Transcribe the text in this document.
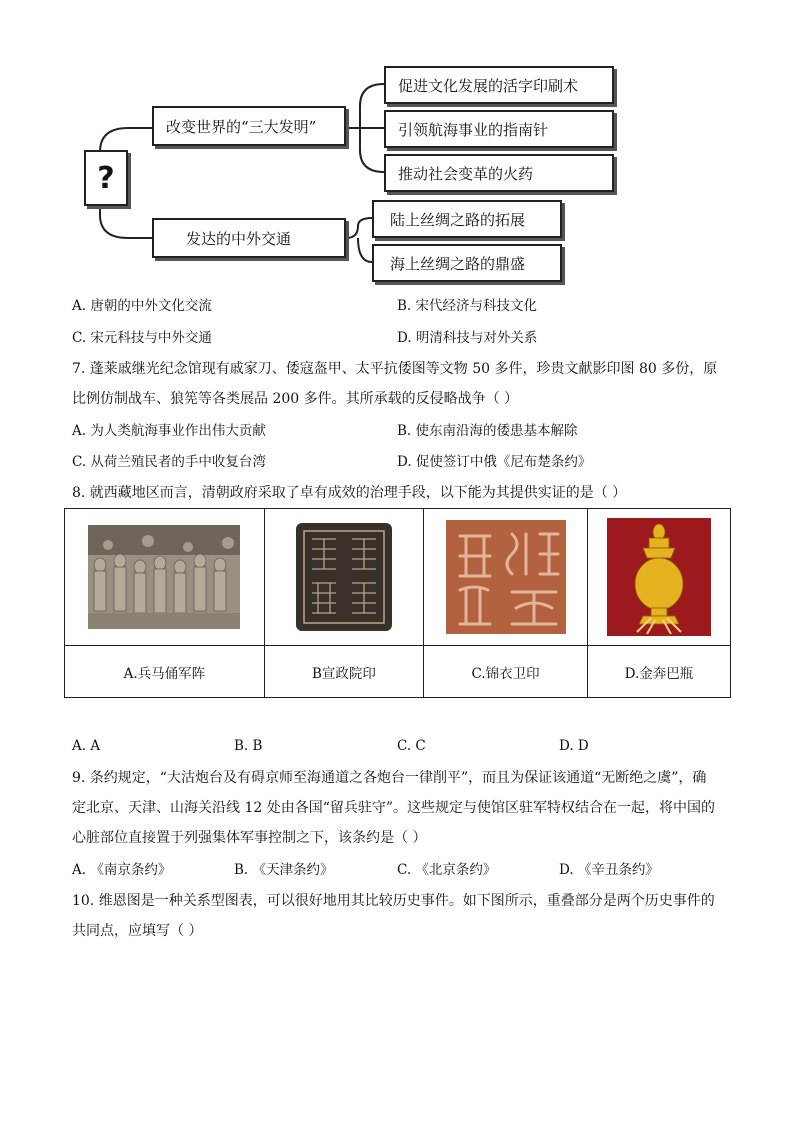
?
改变世界的“三大发明”
促进文化发展的活字印刷术
引领航海事业的指南针
推动社会变革的火药
发达的中外交通
陆上丝绸之路的拓展
海上丝绸之路的鼎盛
A. 唐朝的中外文化交流	B. 宋代经济与科技文化
C. 宋元科技与中外交通	D. 明清科技与对外关系
7. 蓬莱戚继光纪念馆现有戚家刀、倭寇盔甲、太平抗倭图等文物 50 多件，珍贵文献影印图 80 多份，原
比例仿制战车、狼筅等各类展品 200 多件。其所承载的反侵略战争（ ）
A. 为人类航海事业作出伟大贡献	B. 使东南沿海的倭患基本解除
C. 从荷兰殖民者的手中收复台湾	D. 促使签订中俄《尼布楚条约》
8. 就西藏地区而言，清朝政府采取了卓有成效的治理手段，以下能为其提供实证的是（ ）

A.兵马俑军阵	B宣政院印	C.锦衣卫印	D.金奔巴瓶
A. A	B. B	C. C	D. D
9. 条约规定，“大沽炮台及有碍京师至海通道之各炮台一律削平”，而且为保证该通道“无断绝之虞”，确
定北京、天津、山海关沿线 12 处由各国“留兵驻守”。这些规定与使馆区驻军特权结合在一起，将中国的
心脏部位直接置于列强集体军事控制之下，该条约是（ ）
A. 《南京条约》	B. 《天津条约》	C. 《北京条约》	D. 《辛丑条约》
10. 维恩图是一种关系型图表，可以很好地用其比较历史事件。如下图所示，重叠部分是两个历史事件的
共同点，应填写（ ）
